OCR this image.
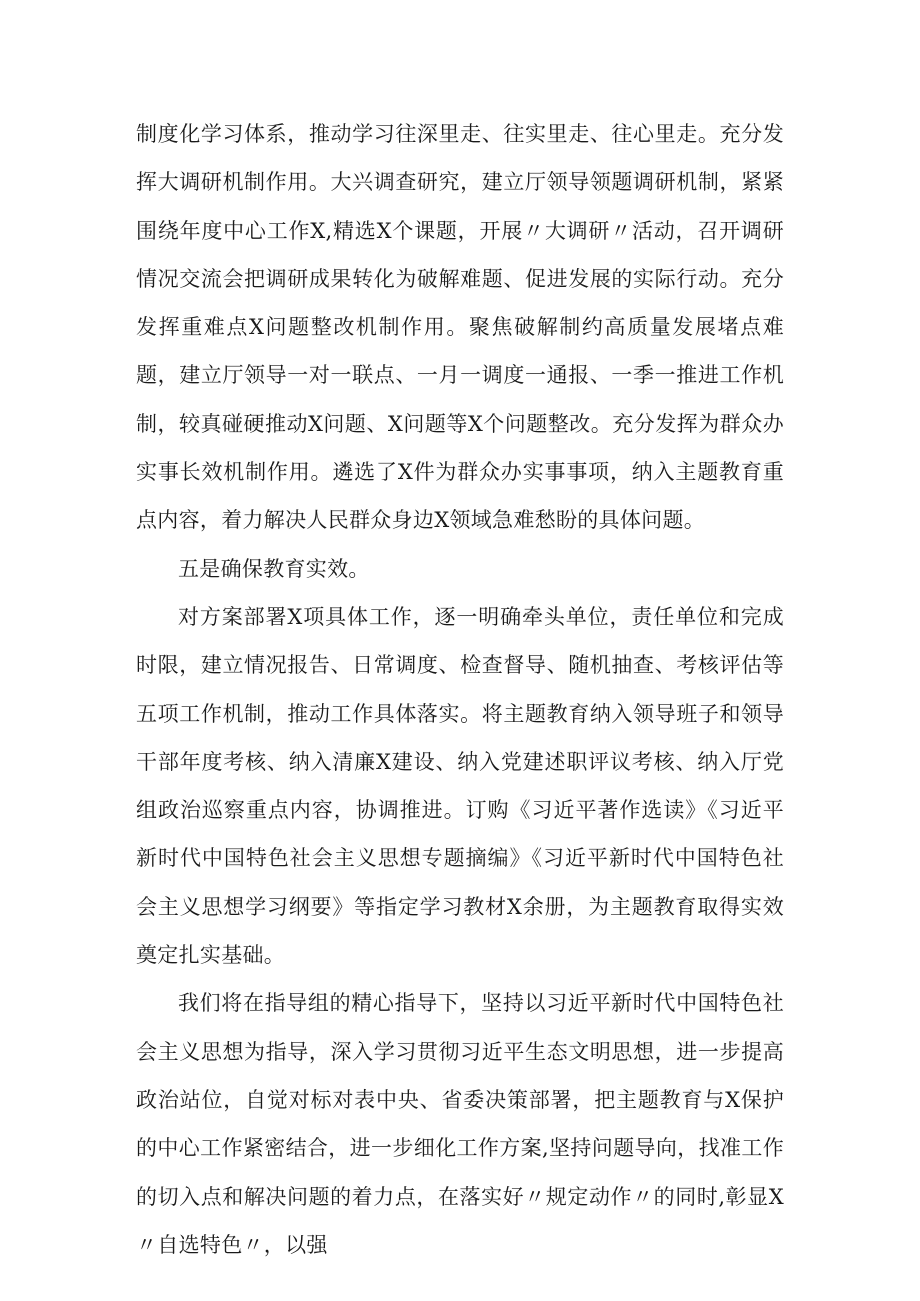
制度化学习体系，推动学习往深里走、往实里走、往心里走。充分发挥大调研机制作用。大兴调查研究，建立厅领导领题调研机制，紧紧围绕年度中心工作X,精选X个课题，开展〃大调研〃活动，召开调研情况交流会把调研成果转化为破解难题、促进发展的实际行动。充分发挥重难点X问题整改机制作用。聚焦破解制约高质量发展堵点难题，建立厅领导一对一联点、一月一调度一通报、一季一推进工作机制，较真碰硬推动X问题、X问题等X个问题整改。充分发挥为群众办实事长效机制作用。遴选了X件为群众办实事事项，纳入主题教育重点内容，着力解决人民群众身边X领域急难愁盼的具体问题。

五是确保教育实效。

对方案部署X项具体工作，逐一明确牵头单位，责任单位和完成时限，建立情况报告、日常调度、检查督导、随机抽查、考核评估等五项工作机制，推动工作具体落实。将主题教育纳入领导班子和领导干部年度考核、纳入清廉X建设、纳入党建述职评议考核、纳入厅党组政治巡察重点内容，协调推进。订购《习近平著作选读》《习近平新时代中国特色社会主义思想专题摘编》《习近平新时代中国特色社会主义思想学习纲要》等指定学习教材X余册，为主题教育取得实效奠定扎实基础。

我们将在指导组的精心指导下，坚持以习近平新时代中国特色社会主义思想为指导，深入学习贯彻习近平生态文明思想，进一步提高政治站位，自觉对标对表中央、省委决策部署，把主题教育与X保护的中心工作紧密结合，进一步细化工作方案,坚持问题导向，找准工作的切入点和解决问题的着力点，在落实好〃规定动作〃的同时,彰显X〃自选特色〃，以强
